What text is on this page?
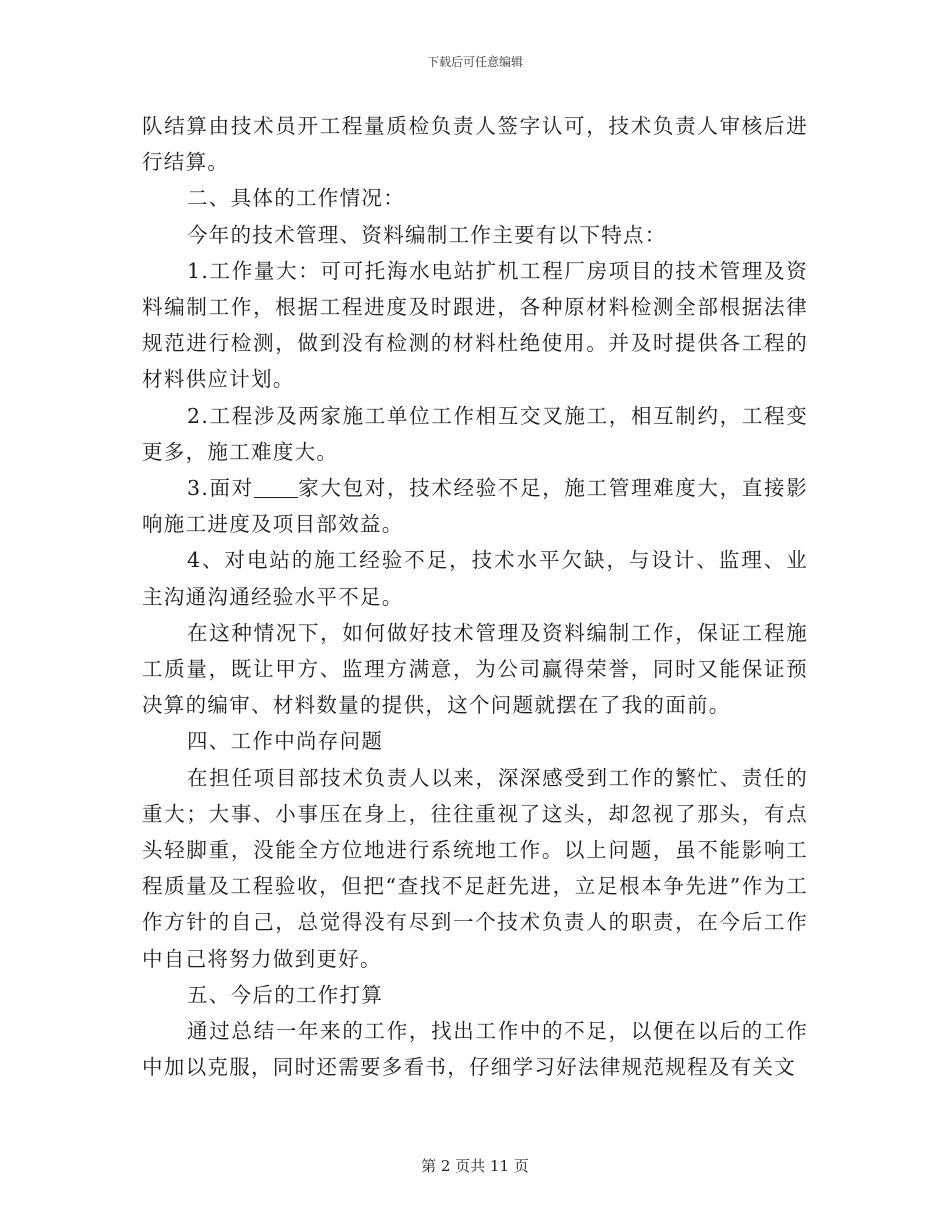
下载后可任意编辑

队结算由技术员开工程量质检负责人签字认可，技术负责人审核后进行结算。

二、具体的工作情况：

今年的技术管理、资料编制工作主要有以下特点：

1.工作量大：可可托海水电站扩机工程厂房项目的技术管理及资料编制工作，根据工程进度及时跟进，各种原材料检测全部根据法律规范进行检测，做到没有检测的材料杜绝使用。并及时提供各工程的材料供应计划。

2.工程涉及两家施工单位工作相互交叉施工，相互制约，工程变更多，施工难度大。

3.面对 家大包对，技术经验不足，施工管理难度大，直接影响施工进度及项目部效益。

4、对电站的施工经验不足，技术水平欠缺，与设计、监理、业主沟通沟通经验水平不足。

在这种情况下，如何做好技术管理及资料编制工作，保证工程施工质量，既让甲方、监理方满意，为公司赢得荣誉，同时又能保证预决算的编审、材料数量的提供，这个问题就摆在了我的面前。

四、工作中尚存问题

在担任项目部技术负责人以来，深深感受到工作的繁忙、责任的重大；大事、小事压在身上，往往重视了这头，却忽视了那头，有点头轻脚重，没能全方位地进行系统地工作。以上问题，虽不能影响工程质量及工程验收，但把“查找不足赶先进，立足根本争先进”作为工作方针的自己，总觉得没有尽到一个技术负责人的职责，在今后工作中自己将努力做到更好。

五、今后的工作打算

通过总结一年来的工作，找出工作中的不足，以便在以后的工作中加以克服，同时还需要多看书，仔细学习好法律规范规程及有关文

第 2 页共 11 页
